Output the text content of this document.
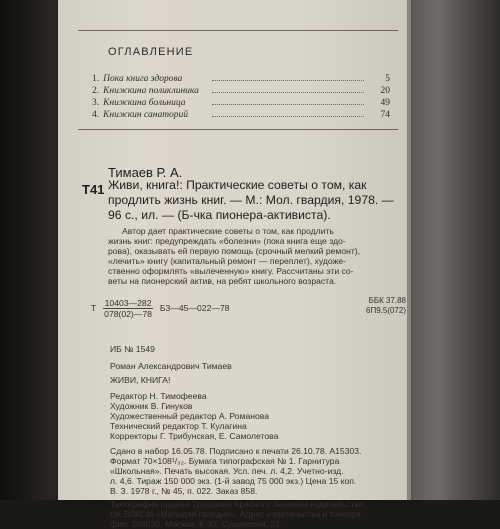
ОГЛАВЛЕНИЕ
1. Пока книга здорова	5
2. Книжкина поликлиника	20
3. Книжкина больница	49
4. Книжкин санаторий	74
Тимаев Р. А.
Т41 Живи, книга!: Практические советы о том, как
продлить жизнь книг. — М.: Мол. гвардия, 1978. —
96 с., ил. — (Б-чка пионера-активиста).
Автор дает практические советы о том, как продлить
жизнь книг: предупреждать «болезни» (пока книга еще здо-
рова), оказывать ей первую помощь (срочный мелкий ремонт),
«лечить» книгу (капитальный ремонт — переплет), художе-
ственно оформлять «вылеченную» книгу. Рассчитаны эти со-
веты на пионерский актив, на ребят школьного возраста.
Т $\frac{10403—282}{078(02)—78}$ Б3—45—022—78
ББК 37.88
6П9.5(072)
ИБ № 1549
Роман Александрович Тимаев
ЖИВИ, КНИГА!
Редактор Н. Тимофеева
Художник В. Гинуков
Художественный редактор А. Романова
Технический редактор Т. Кулагина
Корректоры Г. Трибунская, Е. Самолетова
Сдано в набор 16.05.78. Подписано к печати 26.10.78. А15303.
Формат 70×108¹/₃₂. Бумага типографская № 1. Гарнитура
«Школьная». Печать высокая. Усл. печ. л. 4,2. Учетно-изд.
л. 4,6. Тираж 150 000 экз. (1-й завод 75 000 экз.) Цена 15 коп.
В. З. 1978 г., № 45, п. 022. Заказ 858.
Типография ордена Трудового Красного Знамени издательства
ЦК ВЛКСМ «Молодая гвардия». Адрес издательства и типогра-
фии: 103030, Москва, К-30, Сущевская, 21.
